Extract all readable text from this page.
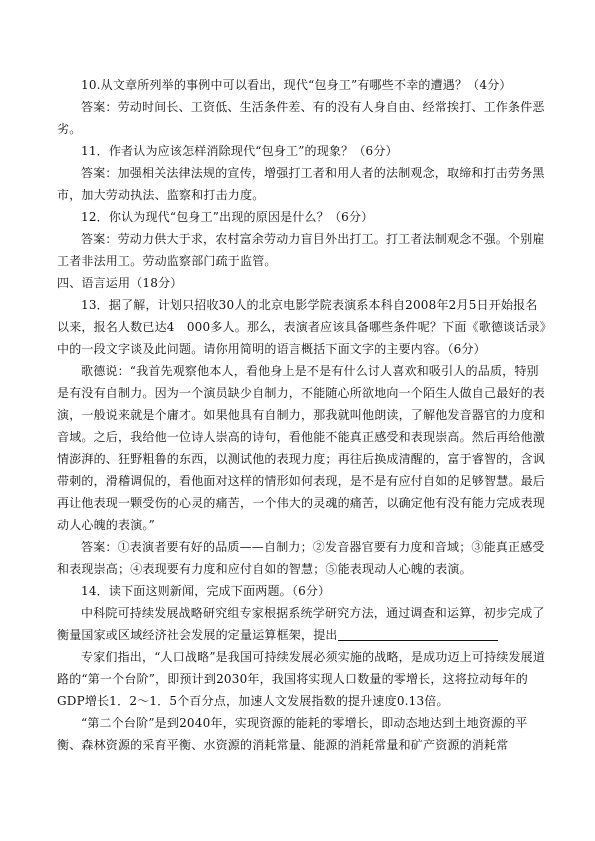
10.从文章所列举的事例中可以看出，现代“包身工”有哪些不幸的遭遇？（4分）

答案：劳动时间长、工资低、生活条件差、有的没有人身自由、经常挨打、工作条件恶劣。

11．作者认为应该怎样消除现代“包身工”的现象？（6分）

答案：加强相关法律法规的宣传，增强打工者和用人者的法制观念，取缔和打击劳务黑市，加大劳动执法、监察和打击力度。

12．你认为现代“包身工”出现的原因是什么？（6分）

答案：劳动力供大于求，农村富余劳动力盲目外出打工。打工者法制观念不强。个别雇工者非法用工。劳动监察部门疏于监管。

四、语言运用（18分）

13．据了解，计划只招收30人的北京电影学院表演系本科自2008年2月5日开始报名以来，报名人数已达4　000多人。那么，表演者应该具备哪些条件呢？下面《歌德谈话录》中的一段文字谈及此问题。请你用简明的语言概括下面文字的主要内容。（6分）

歌德说：“我首先观察他本人，看他身上是不是有什么讨人喜欢和吸引人的品质，特别是有没有自制力。因为一个演员缺少自制力，不能随心所欲地向一个陌生人做自己最好的表演，一般说来就是个庸才。如果他具有自制力，那我就叫他朗读，了解他发音器官的力度和音域。之后，我给他一位诗人崇高的诗句，看他能不能真正感受和表现崇高。然后再给他激情澎湃的、狂野粗鲁的东西，以测试他的表现力度；再往后换成清醒的，富于睿智的，含讽带刺的，滑稽调侃的，看他面对这样的情形如何表现，是不是有应付自如的足够智慧。最后再让他表现一颗受伤的心灵的痛苦，一个伟大的灵魂的痛苦，以确定他有没有能力完成表现动人心魄的表演。”

答案：①表演者要有好的品质——自制力；②发音器官要有力度和音域；③能真正感受和表现崇高；④表现要有力度和应付自如的智慧；⑤能表现动人心魄的表演。

14．读下面这则新闻，完成下面两题。（6分）

中科院可持续发展战略研究组专家根据系统学研究方法，通过调查和运算，初步完成了衡量国家或区域经济社会发展的定量运算框架，提出

专家们指出，“人口战略”是我国可持续发展必须实施的战略，是成功迈上可持续发展道路的“第一个台阶”，即预计到2030年，我国将实现人口数量的零增长，这将拉动每年的GDP增长1．2～1．5个百分点，加速人文发展指数的提升速度0.13倍。

“第二个台阶”是到2040年，实现资源的能耗的零增长，即动态地达到土地资源的平衡、森林资源的采育平衡、水资源的消耗常量、能源的消耗常量和矿产资源的消耗常
